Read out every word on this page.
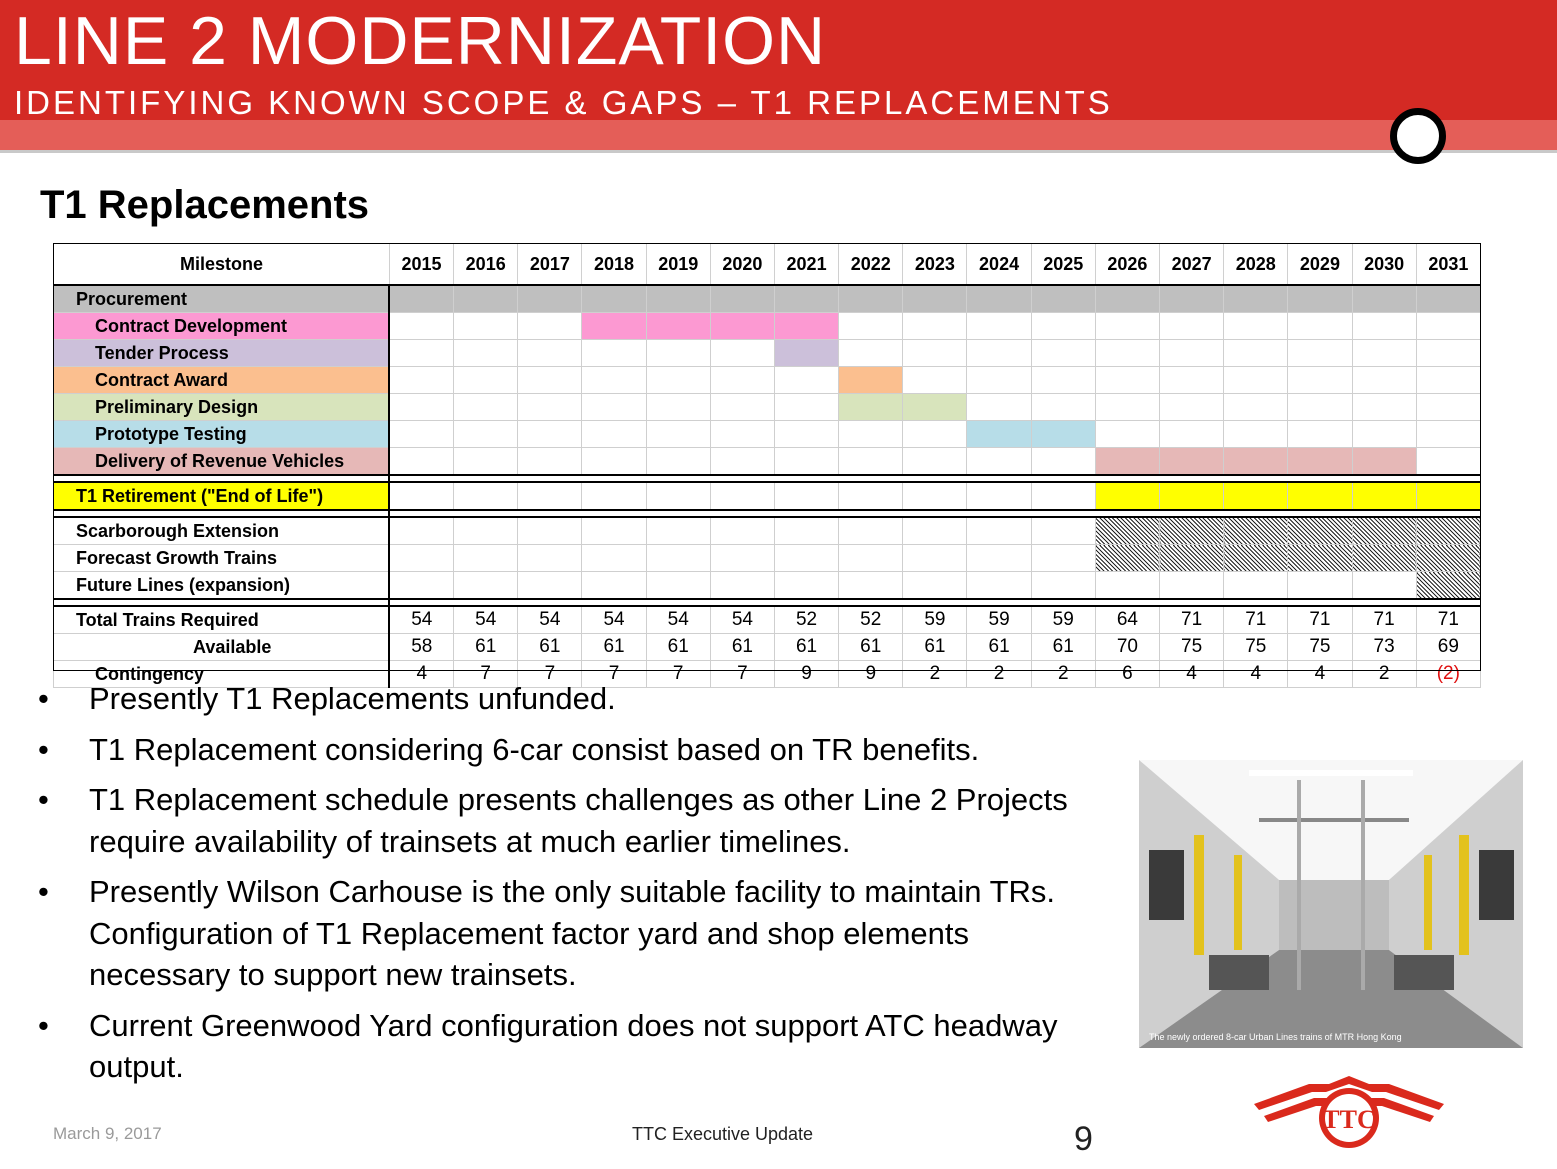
LINE 2 MODERNIZATION
IDENTIFYING KNOWN SCOPE & GAPS – T1 REPLACEMENTS
T1 Replacements
Milestone	2015	2016	2017	2018	2019	2020	2021	2022	2023	2024	2025	2026	2027	2028	2029	2030	2031
Procurement																	
Contract Development																	
Tender Process																	
Contract Award																	
Preliminary Design																	
Prototype Testing																	
Delivery of Revenue Vehicles																	

T1 Retirement ("End of Life")																	

Scarborough Extension																	
Forecast Growth Trains																	
Future Lines (expansion)																	

Total Trains Required	54	54	54	54	54	54	52	52	59	59	59	64	71	71	71	71	71
Available	58	61	61	61	61	61	61	61	61	61	61	70	75	75	75	73	69
Contingency	4	7	7	7	7	7	9	9	2	2	2	6	4	4	4	2	(2)
• Presently T1 Replacements unfunded.
• T1 Replacement considering 6-car consist based on TR benefits.
• T1 Replacement schedule presents challenges as other Line 2 Projects require availability of trainsets at much earlier timelines.
• Presently Wilson Carhouse is the only suitable facility to maintain TRs. Configuration of T1 Replacement factor yard and shop elements necessary to support new trainsets.
• Current Greenwood Yard configuration does not support ATC headway output.
The newly ordered 8-car Urban Lines trains of MTR Hong Kong
March 9, 2017	TTC Executive Update	9
TTC
